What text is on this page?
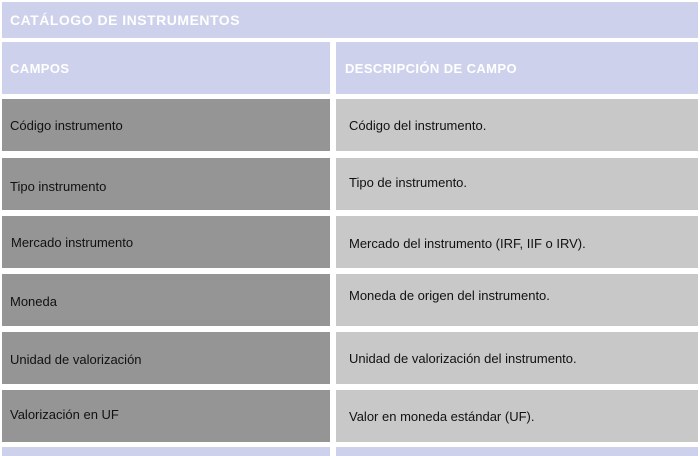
CATÁLOGO DE INSTRUMENTOS
CAMPOS	DESCRIPCIÓN DE CAMPO
Código instrumento	Código del instrumento.
Tipo instrumento	Tipo de instrumento.
Mercado instrumento	Mercado del instrumento (IRF, IIF o IRV).
Moneda	Moneda de origen del instrumento.
Unidad de valorización	Unidad de valorización del instrumento.
Valorización en UF	Valor en moneda estándar (UF).
